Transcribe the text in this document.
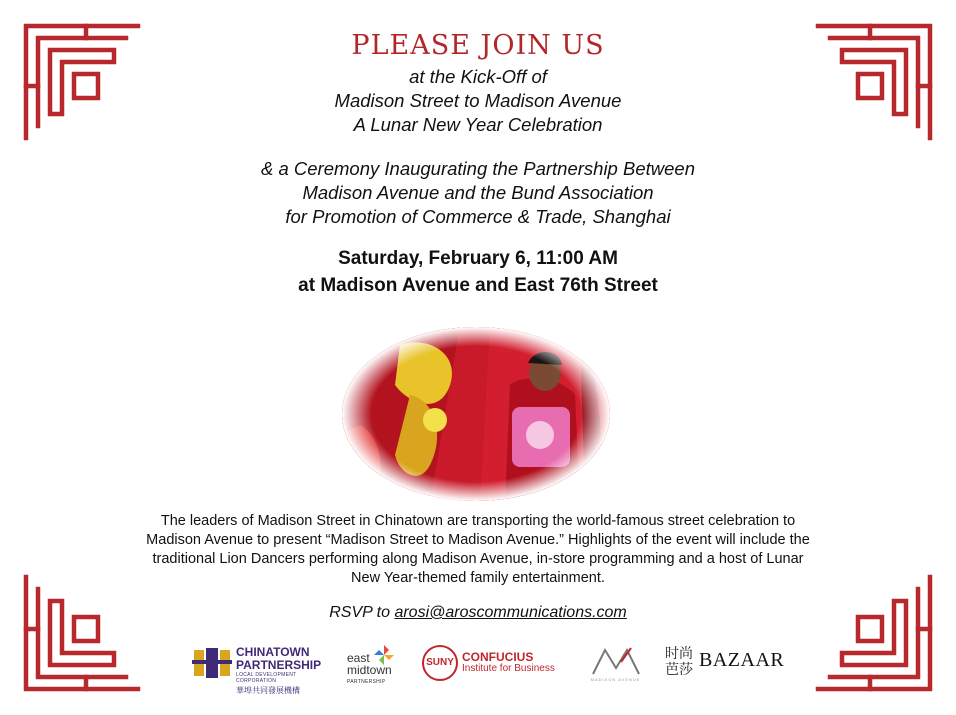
PLEASE JOIN US

at the Kick-Off of

Madison Street to Madison Avenue

A Lunar New Year Celebration

& a Ceremony Inaugurating the Partnership Between

Madison Avenue and the Bund Association

for Promotion of Commerce & Trade, Shanghai

Saturday, February 6, 11:00 AM

at Madison Avenue and East 76th Street

The leaders of Madison Street in Chinatown are transporting the world-famous street celebration to Madison Avenue to present “Madison Street to Madison Avenue.” Highlights of the event will include the traditional Lion Dancers performing along Madison Avenue, in-store programming and a host of Lunar New Year-themed family entertainment.

RSVP to arosi@aroscommunications.com
CHINATOWN
PARTNERSHIP
LOCAL DEVELOPMENT CORPORATION
華埠共同發展機構
east
midtown
PARTNERSHIP
SUNY CONFUCIUS
Institute for Business
MADISON AVENUE
时尚
芭莎 BAZAAR
